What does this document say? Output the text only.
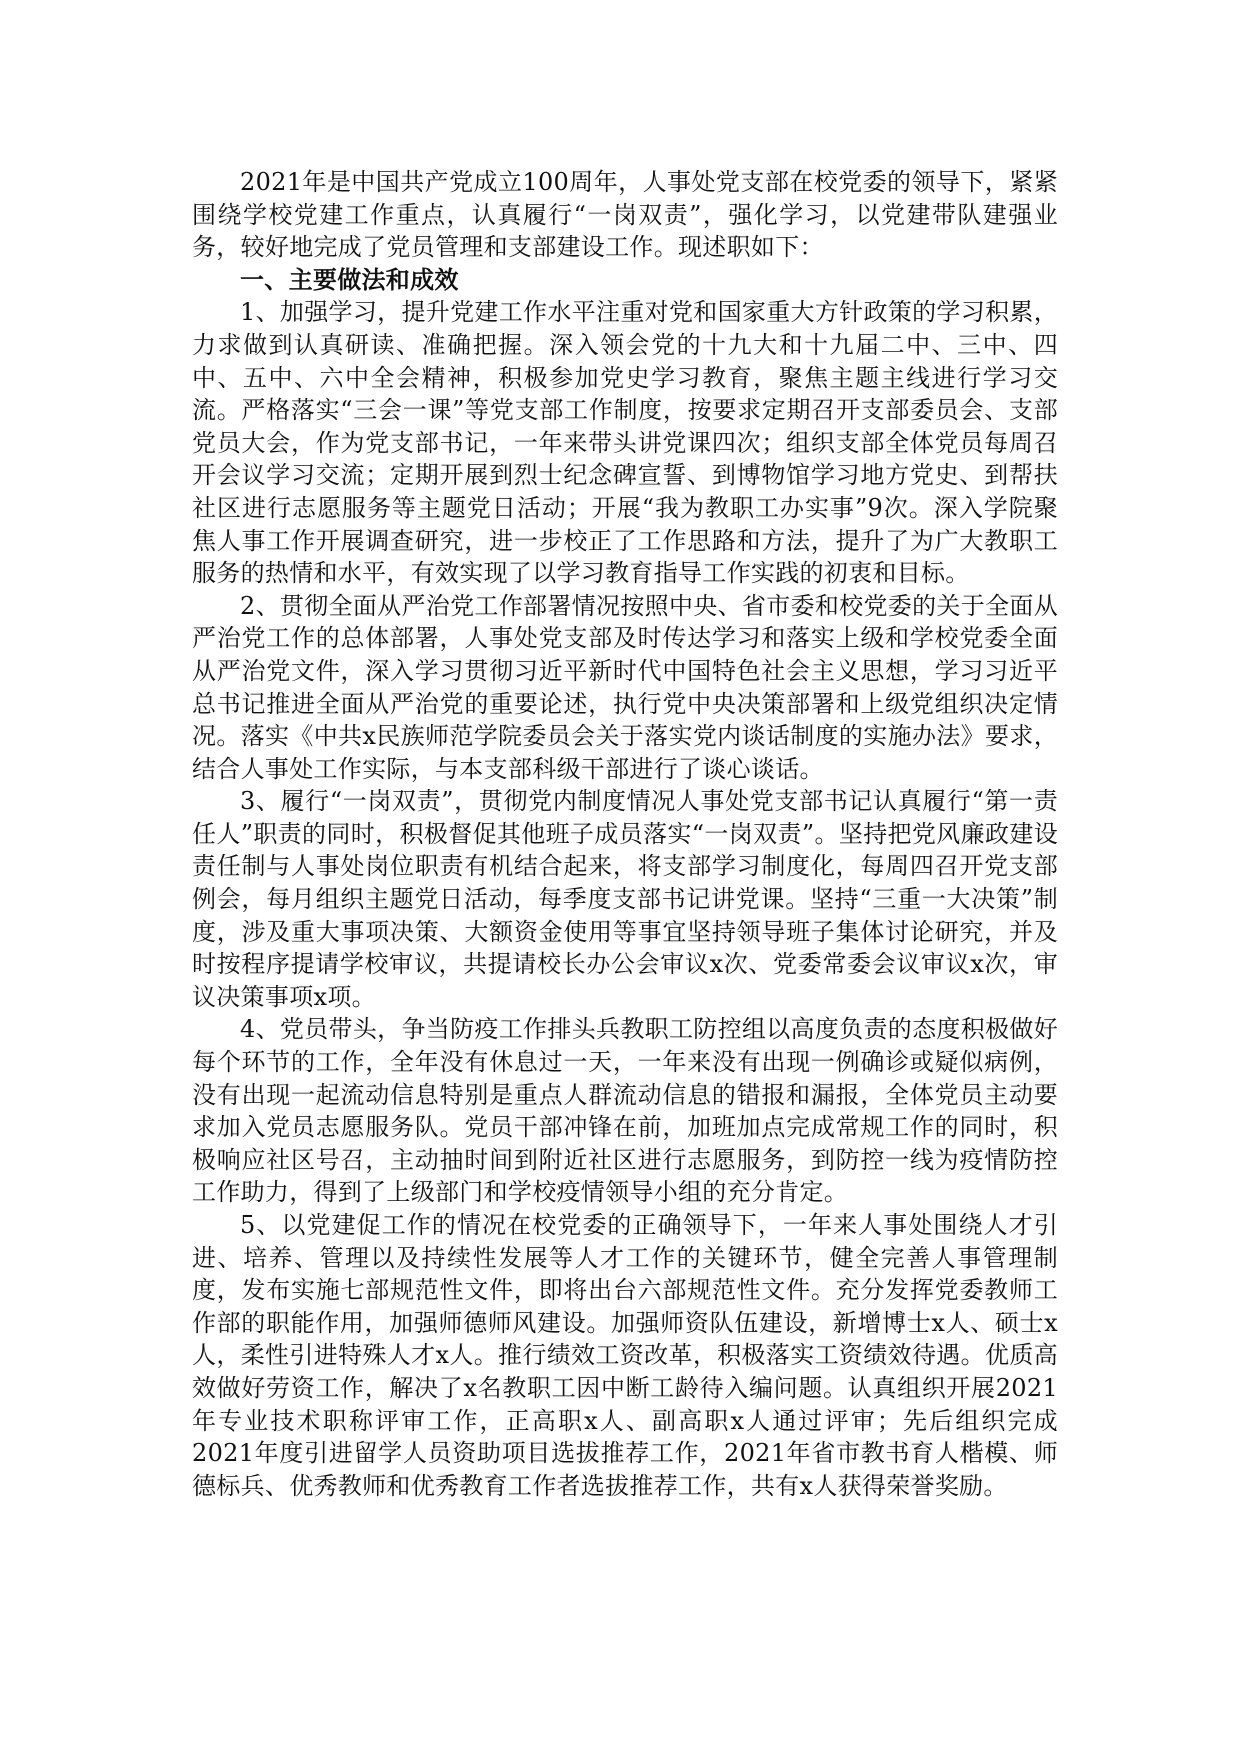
2021年是中国共产党成立100周年，人事处党支部在校党委的领导下，紧紧围绕学校党建工作重点，认真履行“一岗双责”，强化学习，以党建带队建强业务，较好地完成了党员管理和支部建设工作。现述职如下：

一、主要做法和成效

1、加强学习，提升党建工作水平注重对党和国家重大方针政策的学习积累，力求做到认真研读、准确把握。深入领会党的十九大和十九届二中、三中、四中、五中、六中全会精神，积极参加党史学习教育，聚焦主题主线进行学习交流。严格落实“三会一课”等党支部工作制度，按要求定期召开支部委员会、支部党员大会，作为党支部书记，一年来带头讲党课四次；组织支部全体党员每周召开会议学习交流；定期开展到烈士纪念碑宣誓、到博物馆学习地方党史、到帮扶社区进行志愿服务等主题党日活动；开展“我为教职工办实事”9次。深入学院聚焦人事工作开展调查研究，进一步校正了工作思路和方法，提升了为广大教职工服务的热情和水平，有效实现了以学习教育指导工作实践的初衷和目标。

2、贯彻全面从严治党工作部署情况按照中央、省市委和校党委的关于全面从严治党工作的总体部署，人事处党支部及时传达学习和落实上级和学校党委全面从严治党文件，深入学习贯彻习近平新时代中国特色社会主义思想，学习习近平总书记推进全面从严治党的重要论述，执行党中央决策部署和上级党组织决定情况。落实《中共x民族师范学院委员会关于落实党内谈话制度的实施办法》要求，结合人事处工作实际，与本支部科级干部进行了谈心谈话。

3、履行“一岗双责”，贯彻党内制度情况人事处党支部书记认真履行“第一责任人”职责的同时，积极督促其他班子成员落实“一岗双责”。坚持把党风廉政建设责任制与人事处岗位职责有机结合起来，将支部学习制度化，每周四召开党支部例会，每月组织主题党日活动，每季度支部书记讲党课。坚持“三重一大决策”制度，涉及重大事项决策、大额资金使用等事宜坚持领导班子集体讨论研究，并及时按程序提请学校审议，共提请校长办公会审议x次、党委常委会议审议x次，审议决策事项x项。

4、党员带头，争当防疫工作排头兵教职工防控组以高度负责的态度积极做好每个环节的工作，全年没有休息过一天，一年来没有出现一例确诊或疑似病例，没有出现一起流动信息特别是重点人群流动信息的错报和漏报，全体党员主动要求加入党员志愿服务队。党员干部冲锋在前，加班加点完成常规工作的同时，积极响应社区号召，主动抽时间到附近社区进行志愿服务，到防控一线为疫情防控工作助力，得到了上级部门和学校疫情领导小组的充分肯定。

5、以党建促工作的情况在校党委的正确领导下，一年来人事处围绕人才引进、培养、管理以及持续性发展等人才工作的关键环节，健全完善人事管理制度，发布实施七部规范性文件，即将出台六部规范性文件。充分发挥党委教师工作部的职能作用，加强师德师风建设。加强师资队伍建设，新增博士x人、硕士x人，柔性引进特殊人才x人。推行绩效工资改革，积极落实工资绩效待遇。优质高效做好劳资工作，解决了x名教职工因中断工龄待入编问题。认真组织开展2021年专业技术职称评审工作，正高职x人、副高职x人通过评审；先后组织完成2021年度引进留学人员资助项目选拔推荐工作，2021年省市教书育人楷模、师德标兵、优秀教师和优秀教育工作者选拔推荐工作，共有x人获得荣誉奖励。
